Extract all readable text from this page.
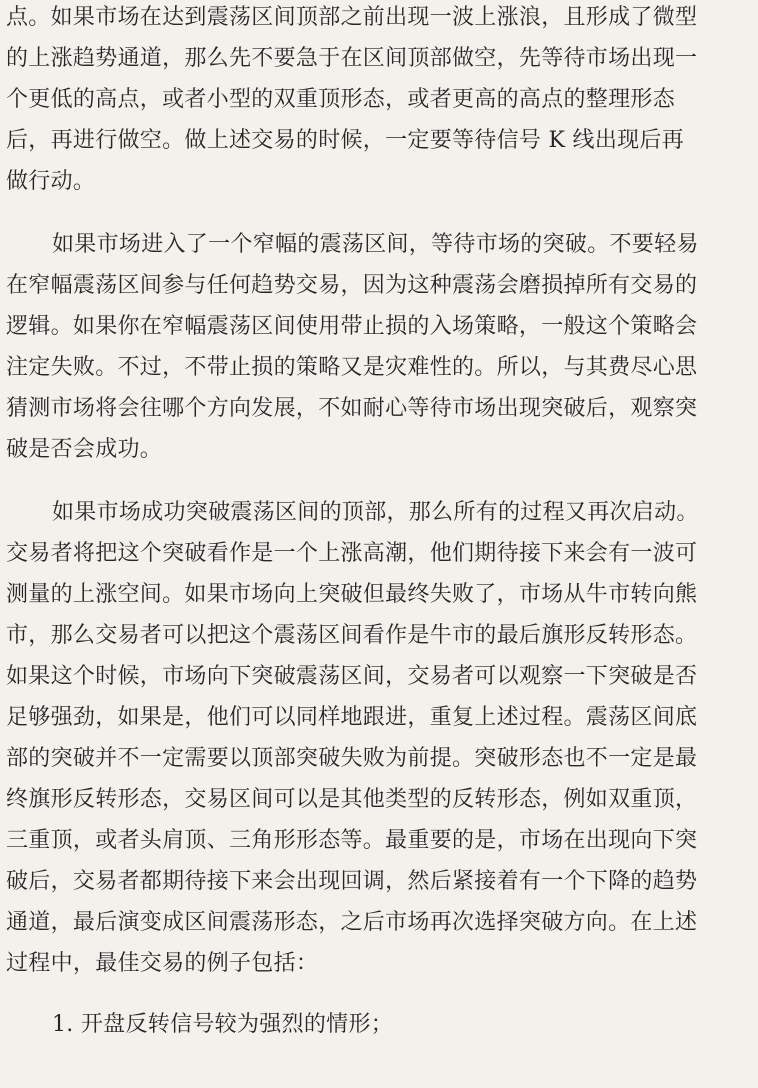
点。如果市场在达到震荡区间顶部之前出现一波上涨浪，且形成了微型
的上涨趋势通道，那么先不要急于在区间顶部做空，先等待市场出现一
个更低的高点，或者小型的双重顶形态，或者更高的高点的整理形态
后，再进行做空。做上述交易的时候，一定要等待信号 K 线出现后再
做行动。
如果市场进入了一个窄幅的震荡区间，等待市场的突破。不要轻易
在窄幅震荡区间参与任何趋势交易，因为这种震荡会磨损掉所有交易的
逻辑。如果你在窄幅震荡区间使用带止损的入场策略，一般这个策略会
注定失败。不过，不带止损的策略又是灾难性的。所以，与其费尽心思
猜测市场将会往哪个方向发展，不如耐心等待市场出现突破后，观察突
破是否会成功。
如果市场成功突破震荡区间的顶部，那么所有的过程又再次启动。
交易者将把这个突破看作是一个上涨高潮，他们期待接下来会有一波可
测量的上涨空间。如果市场向上突破但最终失败了，市场从牛市转向熊
市，那么交易者可以把这个震荡区间看作是牛市的最后旗形反转形态。
如果这个时候，市场向下突破震荡区间，交易者可以观察一下突破是否
足够强劲，如果是，他们可以同样地跟进，重复上述过程。震荡区间底
部的突破并不一定需要以顶部突破失败为前提。突破形态也不一定是最
终旗形反转形态，交易区间可以是其他类型的反转形态，例如双重顶，
三重顶，或者头肩顶、三角形形态等。最重要的是，市场在出现向下突
破后，交易者都期待接下来会出现回调，然后紧接着有一个下降的趋势
通道，最后演变成区间震荡形态，之后市场再次选择突破方向。在上述
过程中，最佳交易的例子包括：
1. 开盘反转信号较为强烈的情形；
